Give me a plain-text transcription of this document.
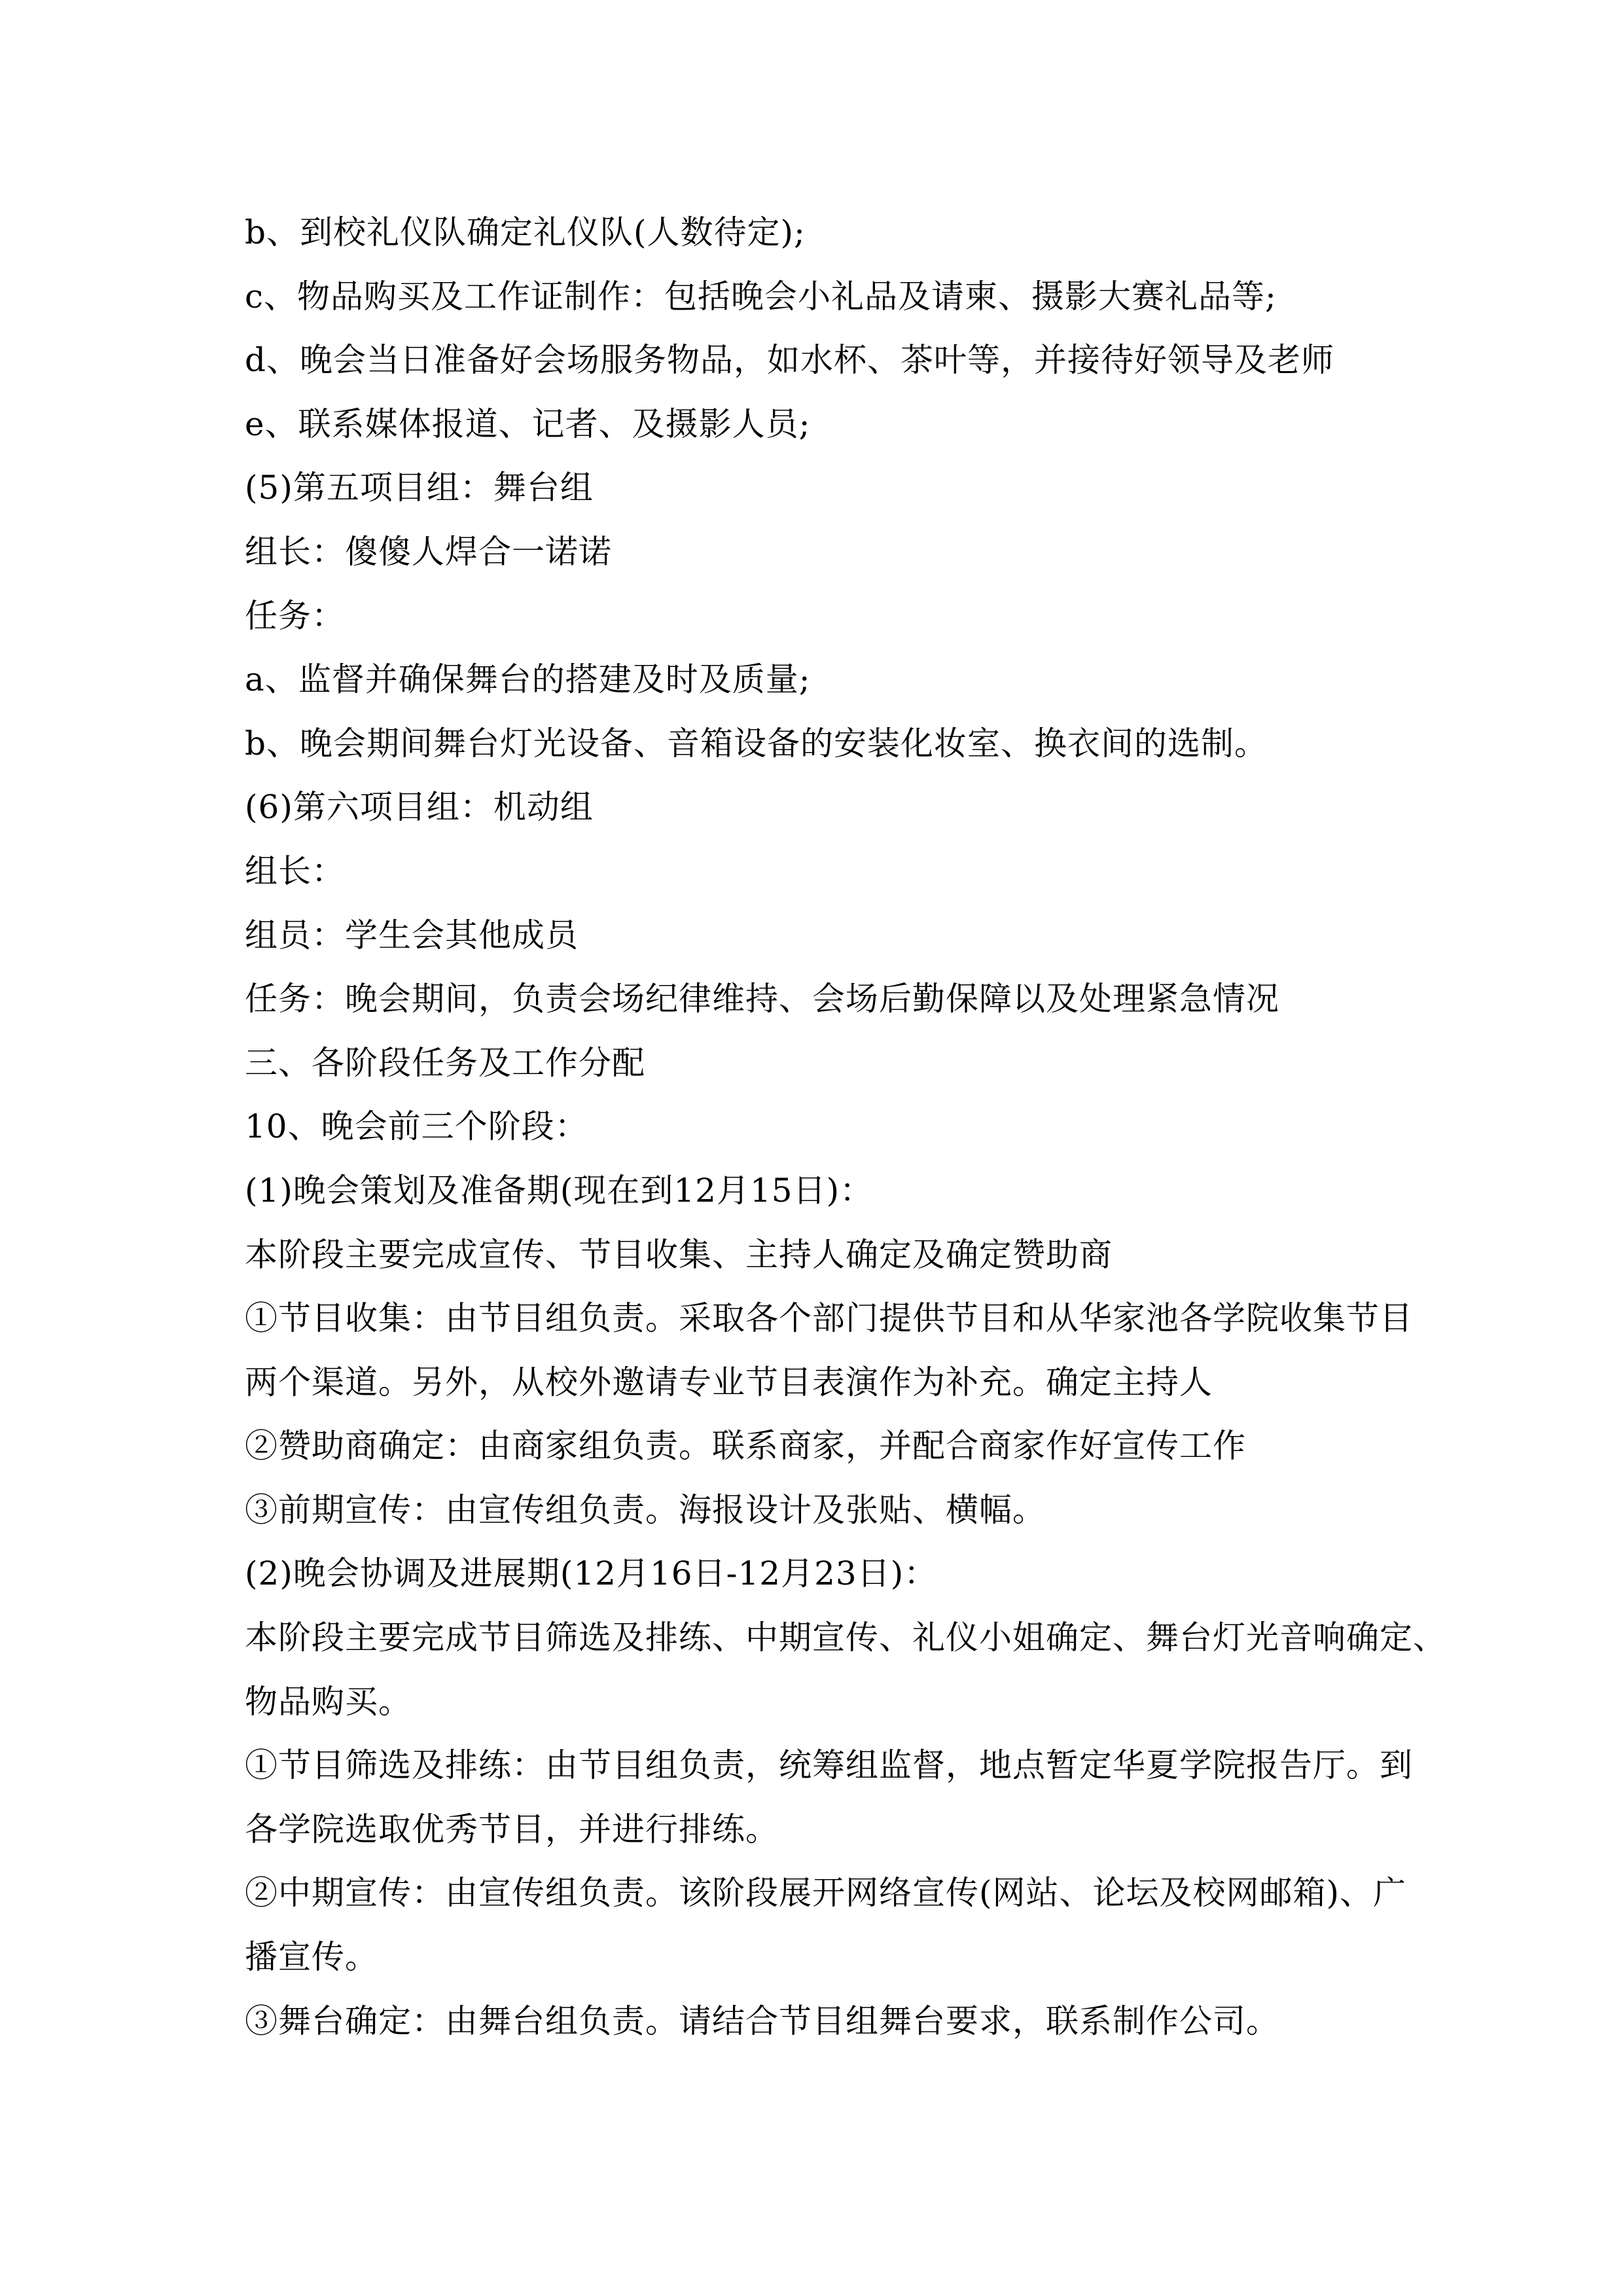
b、到校礼仪队确定礼仪队(人数待定);
c、物品购买及工作证制作：包括晚会小礼品及请柬、摄影大赛礼品等;
d、晚会当日准备好会场服务物品，如水杯、茶叶等，并接待好领导及老师
e、联系媒体报道、记者、及摄影人员;
(5)第五项目组：舞台组
组长：傻傻人焊合一诺诺
任务：
a、监督并确保舞台的搭建及时及质量;
b、晚会期间舞台灯光设备、音箱设备的安装化妆室、换衣间的选制。
(6)第六项目组：机动组
组长：
组员：学生会其他成员
任务：晚会期间，负责会场纪律维持、会场后勤保障以及处理紧急情况
三、各阶段任务及工作分配
10、晚会前三个阶段：
(1)晚会策划及准备期(现在到12月15日)：
本阶段主要完成宣传、节目收集、主持人确定及确定赞助商
①节目收集：由节目组负责。采取各个部门提供节目和从华家池各学院收集节目
两个渠道。另外，从校外邀请专业节目表演作为补充。确定主持人
②赞助商确定：由商家组负责。联系商家，并配合商家作好宣传工作
③前期宣传：由宣传组负责。海报设计及张贴、横幅。
(2)晚会协调及进展期(12月16日-12月23日)：
本阶段主要完成节目筛选及排练、中期宣传、礼仪小姐确定、舞台灯光音响确定、
物品购买。
①节目筛选及排练：由节目组负责，统筹组监督，地点暂定华夏学院报告厅。到
各学院选取优秀节目，并进行排练。
②中期宣传：由宣传组负责。该阶段展开网络宣传(网站、论坛及校网邮箱)、广
播宣传。
③舞台确定：由舞台组负责。请结合节目组舞台要求，联系制作公司。
